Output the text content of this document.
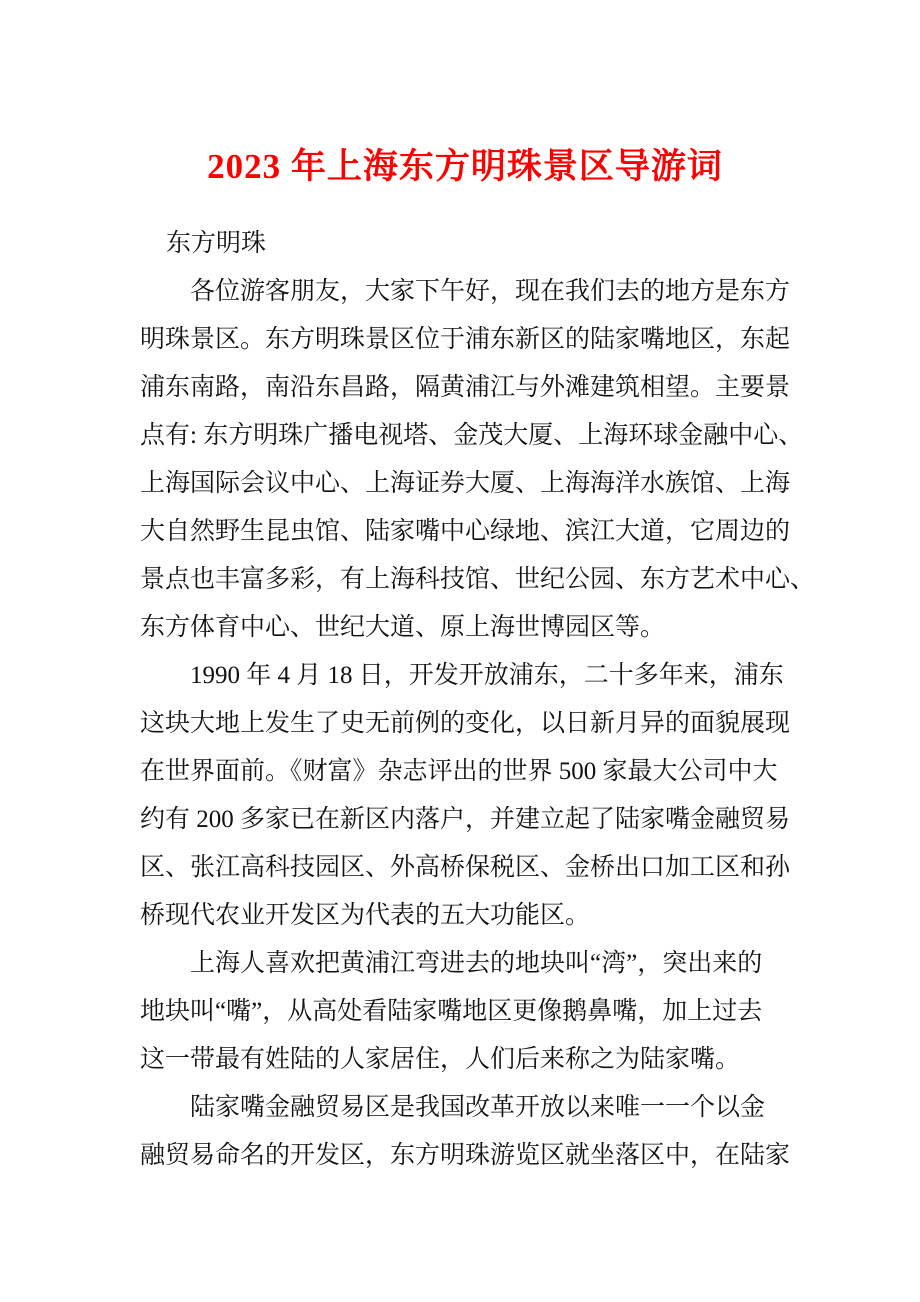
2023 年上海东方明珠景区导游词
东方明珠
各位游客朋友，大家下午好，现在我们去的地方是东方
明珠景区。东方明珠景区位于浦东新区的陆家嘴地区，东起
浦东南路，南沿东昌路，隔黄浦江与外滩建筑相望。主要景
点有: 东方明珠广播电视塔、金茂大厦、上海环球金融中心、
上海国际会议中心、上海证券大厦、上海海洋水族馆、上海
大自然野生昆虫馆、陆家嘴中心绿地、滨江大道，它周边的
景点也丰富多彩，有上海科技馆、世纪公园、东方艺术中心、
东方体育中心、世纪大道、原上海世博园区等。
1990 年 4 月 18 日，开发开放浦东，二十多年来，浦东
这块大地上发生了史无前例的变化，以日新月异的面貌展现
在世界面前。《财富》杂志评出的世界 500 家最大公司中大
约有 200 多家已在新区内落户，并建立起了陆家嘴金融贸易
区、张江高科技园区、外高桥保税区、金桥出口加工区和孙
桥现代农业开发区为代表的五大功能区。
上海人喜欢把黄浦江弯进去的地块叫“湾”，突出来的
地块叫“嘴”，从高处看陆家嘴地区更像鹅鼻嘴，加上过去
这一带最有姓陆的人家居住，人们后来称之为陆家嘴。
陆家嘴金融贸易区是我国改革开放以来唯一一个以金
融贸易命名的开发区，东方明珠游览区就坐落区中，在陆家
